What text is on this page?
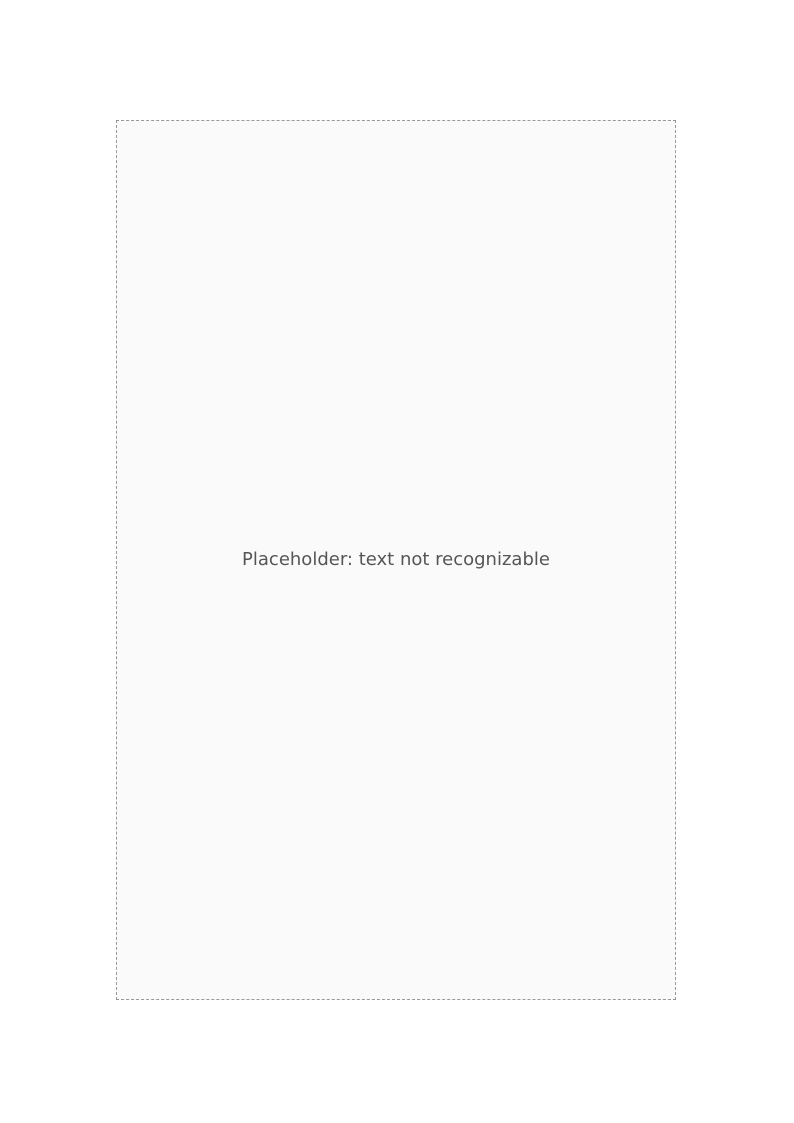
Placeholder: text not recognizable
